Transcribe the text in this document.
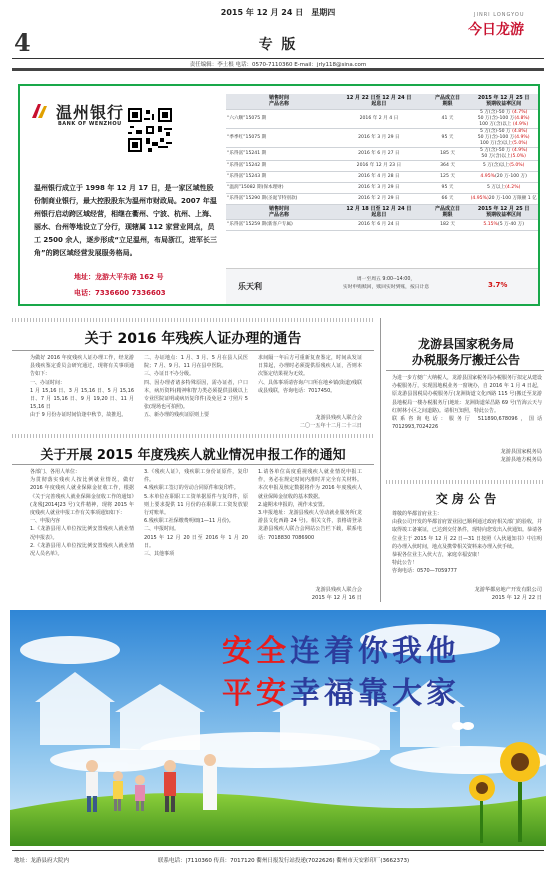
2015 年 12 月 24 日　星期四
4	专 版
JINRI LONGYOU
今日龙游
责任编辑：李土根 电话：0570-7110360 E-mail：jrly118@sina.com
温州银行
BANK OF WENZHOU
温州银行成立于 1998 年 12 月 17 日，是一家区域性股份制商业银行，最大控股股东为温州市财政局。2007 年温州银行启动跨区域经营，相继在衢州、宁波、杭州、上海、丽水、台州等地设立了分行，现辖属 112 家营业网点，员工 2500 余人，逐步形成“立足温州，布局浙江，进军长三角”的跨区域经营发展服务格局。
地址：龙游大平东路 162 号
电话：7336600 7336603
销售时间
产品名称	12 月 22 日至 12 月 24 日
起息日	产品成立日
期限	2015 年 12 月 25 日
预期收益率区间
“六六顺”15075 期	2016 年 2 月 4 日	41 天	5 万(含)-50 万 (4.7%)
50 万(含)-100 万(4.8%)
100 万(含)以上 (4.9%)

“季季红”15075 期	2016 年 3 月 29 日	95 天	5 万(含)-50 万 (4.8%)
50 万(含)-100 万(4.9%)
100 万(含)以上(5.0%)

“乐得富”15241 期	2016 年 6 月 27 日	185 天	5 万(含)-50 万 (4.9%)
50 万(含)以上(5.0%)

“乐得富”15242 期	2016 年 12 月 23 日	364 天	5 万(含)以上(5.0%)

“乐得富”15243 期	2016 年 4 月 28 日	125 天	4.95%(20 万-100 万)

“温润”15082 期(保本理财)	2016 年 3 月 29 日	95 天	5 万以上(4.2%)

“乐得富”15290 期(圣诞节特别款)	2016 年 2 月 29 日	66 天	(4.95%)20 万-100 万限额 1 亿

销售时间
产品名称	12 月 18 日至 12 月 24 日
起息日	产品成立日
期限	2015 年 12 月 25 日
预期收益率区间
“乐得富”15259 期(新客户专属)	2016 年 6 月 24 日	182 天	5.15%(5 万-40 万)
乐天利
周一至周五 9:00--14:00，
实时申购赎回，赎回实时到账，按日计息	3.7%
关于 2016 年残疾人证办理的通告
为做好 2016 年度残疾人证办理工作，经龙游县残疾鉴定委员会研究通过，现将有关事项通告如下：
一、办证时间：
1 月 15,16 日、3 月 15,16 日、5 月 15,16 日、7 月 15,16 日、9 月 19,20 日、11 月 15,16 日
由于 9 月份办证时间恰逢中秋节，故推迟。
二、办证地点：1 月、3 月、5 月在县人民医院；7 月、9 月、11 月在县中医院。
三、办证日不办分级。
四、因办理者诸多特殊原因，需办证者，户口本，病历资料(精神和智力类必须提供县级以上专业医院证明或病历复印件)及免冠 2 寸照片 5 张(现场也可拍照)。
五、新办理的残疾证原则上要
求间隔一年后方可重新复查鉴定，时间从发证日算起，办理时必须提供原残疾人证，否则本次鉴定结果视为无效。
六、具体事项请咨询户口所在地乡镇(街道)残联或县残联，咨询电话：7017450。
龙游县残疾人联合会
二〇一五年十二月二十三日
关于开展 2015 年度残疾人就业情况申报工作的通知
各部门、各用人单位：
为贯彻落实残疾人按比例就业情况，做好 2016 年度残疾人就业保障金征收工作，根据《关于完善残疾人就业保障金征收工作的通知》(龙残[2014]23 号)文件精神，现将 2015 年度残疾人就业申报工作有关事项通知如下：
一、申报内容
1.《龙游县用人单位按比例安置残疾人就业情况申报表》。
2.《龙游县用人单位按比例安置残疾人就业情况人员名单》。
3.《残疾人证》，残疾职工身份证原件，复印件。
4.残疾职工签订的劳动合同原件和复印件。
5.本单位在职职工工资单据原件与复印件，原则上要求提供 11 月份的在职职工工资发放银行对账单。
6.残疾职工社保缴费明细(1—11 月份)。
二、申报时间。
2015 年 12 月 20 日至 2016 年 1 月 20 日。
三、其他事项
1.请各单位高度重视残疾人就业情况申报工作，务必在规定时间内准时并完全有关材料。本次申报及核定数据将作为 2016 年度残疾人就业保障金征收的基本数据。
2.逾期未申报的，视作未安置。
3.申报地址：龙游县残疾人劳动就业服务所(龙游县文化西路 24 号)。相关文件，表格请登录龙游县残疾人联合会网站公告栏下载，联系电话：7018830 7086900
龙游县残疾人联合会
2015 年 12 月 16 日
龙游县国家税务局
办税服务厅搬迁公告
为进一步方便广大纳税人，龙游县国家税务局办税服务厅拟定从建设办税服务厅，实现国地税业务一窗统办，自 2016 年 1 月 4 日起，原龙游县国税局办税服务厅(龙洲街道文化西路 115 号)搬迁至龙游县地税局一楼办税服务厅(地址：龙洲街道荣昌路 69 号(竹海云天与红树林小区之间道路)。请相互知照，特此公告。
联系咨询电话：服务厅 511890,678096，国话 7012993,7024226
龙游县国家税务局
龙游县地方税务局
交 房 公 告
尊敬的华都首府业主：
由我公司开发的华都首府置业园已顺利通过政府相关部门的验收，并取得竣工备案证，已达到交付条件，现特向您发出入伙通知。恭请各位业主于 2015 年 12 月 22 日—31 日按照《入伙通知书》中注明的办理入伙时间，地点及携带相关资料来办理入伙手续。
恭祝各位业主入伙大吉，家庭幸福安康！
特此公告！
咨询电话：0570—7059777
龙游华都房地产开发有限公司
2015 年 12 月 22 日
安全连着你我他
平安幸福靠大家
地址：龙游县府大院内	联系电话：|7110360 传真：7017120 衢州日报发行站投递(7022626) 衢州市天安彩印厂(3662373)
